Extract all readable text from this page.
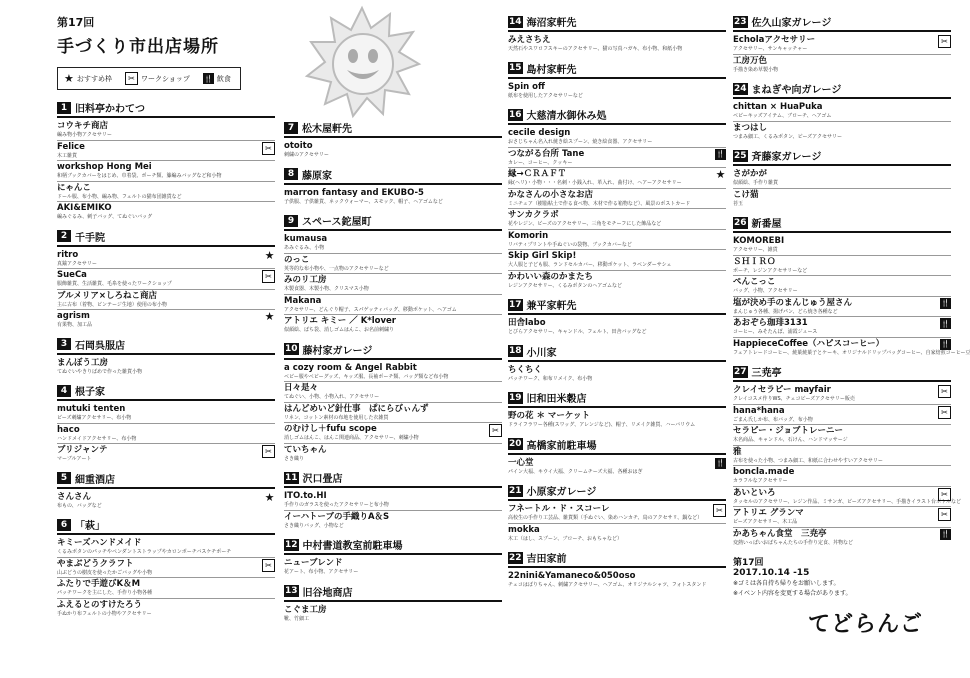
第17回
手づくり市出店場所
★ おすすめ枠	✂ ワークショップ 🍴 飲食
1 旧料亭かわてつ
コウキチ商店
編み物小物アクセサリー
Felice
木工雑貨
✂
workshop Hong Mei
和柄ブックカバーをはじめ、巾着袋、ポーチ類、籐編みバッグなど和小物
にゃんこ
ドール服、布小物、編み物、フェルトの猫布団雑貨など
AKI&EMIKO
編みぐるみ、刺子バッグ、てぬぐいバッグ
2 千手院
ritro
真鍮アクセサリー
★
SueCa
服飾雑貨、生活雑貨、毛糸を使ったワークショップ
✂
ブルメリア×しろねこ商店
主に古布（着物、ビンテージ生地）使用の布小物
agrism
有果物、加工品
★
3 石岡呉服店
まんぼう工房
てぬぐいやきりばめで作った雑貨小物
4 根子家
mutuki tenten
ビーズ刺繍アクセサリー、布小物
haco
ハンドメイドアクセサリー、布小物
ブリジャンテ
マーブルアート
✂
5 細重酒店
さんさん
布もの、バッグなど
★
6 「萩」
キミーズハンドメイド
くるみボタンのパッチやペンダントストラップやカロンボーチバスケチポーチ
やまぶどうクラフト
山ぶどうの樹皮を使ったかごバッグや小物
✂
ふたりで手遊びK＆M
パッチワークを主にした、手作り小物各種
ふえるとのすけたろう
手ぬかり布フェルトの小物やアクセサリー
7 松木屋軒先
otoito
刺繍のアクセサリー
8 藤原家
marron fantasy and EKUBO-5
子供服、子供雑貨、ネックウォーマー、スモック、帽子、ヘアゴムなど
9 スペース鉈屋町
kumausa
あみぐるみ、小物
のっこ
英等的な布小物や、一点物のアクセサリーなど
みのリ工房
木製食器、木製小物、クリスマス小物
Makana
アクセサリー、どんぐり帽子、スパゲッティバッグ、移動ポケット、ヘアゴム
アトリエ キミー ／ K*lover
似顔絵、ばち袋、消しゴムはんこ、お名前刺繍り
10 藤村家ガレージ
a cozy room & Angel Rabbit
ベビー服やベビーグッズ、キッズ服、長袖ポーチ類、バッグ類など布小物
日々是々
てぬぐい、小物、小物入れ、アクセサリー
はんどめいど針仕事　ぱにらびぃんず
リネン、コットン素材の布地を使用した衣雑貨
のむけし＋fufu scope
消しゴムはんこ、はんこ関連商品、アクセサリー、刺繍小物
✂
ていちゃん
さき織り
11 沢口畳店
ITO.to.HI
手作りのガラスを使ったアクセサリーと布小物
イーハトーブの手織りA＆S
さき織りバッグ、小物など
12 中村書道教室前駐車場
ニューブレンド
花アート、布小物、アクセサリー
13 旧谷地商店
こぐま工房
靴、竹細工
14 海沼家軒先
みえさちえ
天然石やスワロフスキーのアクセサリー、猫の写真ハガキ、布小物、和紙小物
15 島村家軒先
Spin off
紙布を使用したアクセサリーなど
16 大慈清水御休み処
cecile design
おさじちゃん名入れ焼き絵スプーン、焼き絵食器、アクセサリー
つながる台所 Tane
カレー、コーヒー、クッキー
🍴
縁→ＣＲＡＦＴ
縁(ヘリ)・小物・・・名刺・小銭入れ、革入れ、曲付け、ヘアーアクセサリー
★
かなさんの小さなお店
ミニチュア（樹脂粘土で作る食べ物、木材で作る箱物など）、風景のポストカード
サンカクラボ
花やレジン、ビーズのアクセサリー、三角をモチーフにした飾品など
Komorin
リバティプリントや手ぬぐいの袋物、ブックカバーなど
Skip Girl Skip!
大人服と子ども服、ランドセルカバー、移動ポケット、ラベンダーサシェ
かわいい森のかまたち
レジンアクセサリー、くるみボタンのヘアゴムなど
17 兼平家軒先
田舎labo
とびらアクセサリー、キャンドル、フェルト、田舎バッグなど
18 小川家
ちくちく
パッチワーク、和布リメイク、布小物
19 旧和田米穀店
野の花 ＊ マーケット
ドライフラワー各種(スワッグ、アレンジなど)、帽子、リメイク雑貨、ハーバリウム
20 高橋家前駐車場
一心堂
パイン大福、キウイ大福、クリームチーズ大福、各種おはぎ
🍴
21 小原家ガレージ
フネートル・ド・スコーレ
高校生の手作り工芸品、雑貨類（手ぬぐい、染めハンカチ、鳥のアクセサリ、鍋など）
✂
mokka
木工（はし、スプーン、ブローチ、おもちゃなど）
22 吉田家前
22nini&Yamaneco&050oso
チェコはばりちゃん、刺繍アクセサリー、ヘアゴム、オリジナルシャツ、フォトスタンド
23 佐久山家ガレージ
Echolaアクセサリー
アクセサリー、サンキャッチャー
✂
工房万色
手描き染め草製小物
24 まねぎや向ガレージ
chittan × HuaPuka
ベビーキッズアイテム、ブローチ、ヘアゴム
まつはし
つまみ細工、くるみボタン、ビーズアクセサリー
25 斉藤家ガレージ
さがかが
似顔絵、手作り雑貨
こけ猫
苔玉
26 新番屋
KOMOREBI
アクセサリー、雑貨
ＳＨＩＲＯ
ポーチ、レジンアクセサリーなど
ぺんこっこ
バッグ、小物、アクセサリー
塩が決め手のまんじゅう屋さん
まんじゅう各種、揚げパン、どら焼き各種など
🍴
あおぞら珈琲3131
コーヒー、みそたんぽ、浦霞ジュース
🍴
HappieceCoffee（ハピスコーヒー）
フェアトレードコーヒー、焼菓焼菓子とケーキ、オリジナルドリップバッグコーヒー、自家焙煎コーヒー豆
🍴
27 三尭亭
クレイセラピー mayfair
クレイコスメ作りWS、チェコビーズアクセサリー販売
✂
hana*hana
ごまん氏しか布、布バッグ、布小物
✂
セラピー・ジョブトレーニー
木名商品、キャンドル、石けん、ハンドマッサージ
雅
古布を使った小物、つまみ細工、和紙に合わせやすいアクセサリー
boncla.made
カラフルなアクセサリー
あいといろ
タッセルのアクセサリー、レジン作品、ミサンガ、ビーズアクセサリー、手描きイラスト台ボトルなど
✂
アトリエ グランマ
ビーズアクセサリー、木工品
✂
かあちゃん食堂　三尭亭
変熱いっぱいおばちゃんたちの手作り定食、丼物など
🍴
第17回
2017.10.14 -15
※ゴミは各自持ち帰りをお願いします。
※イベント内容を変更する場合があります。
てどらんご
